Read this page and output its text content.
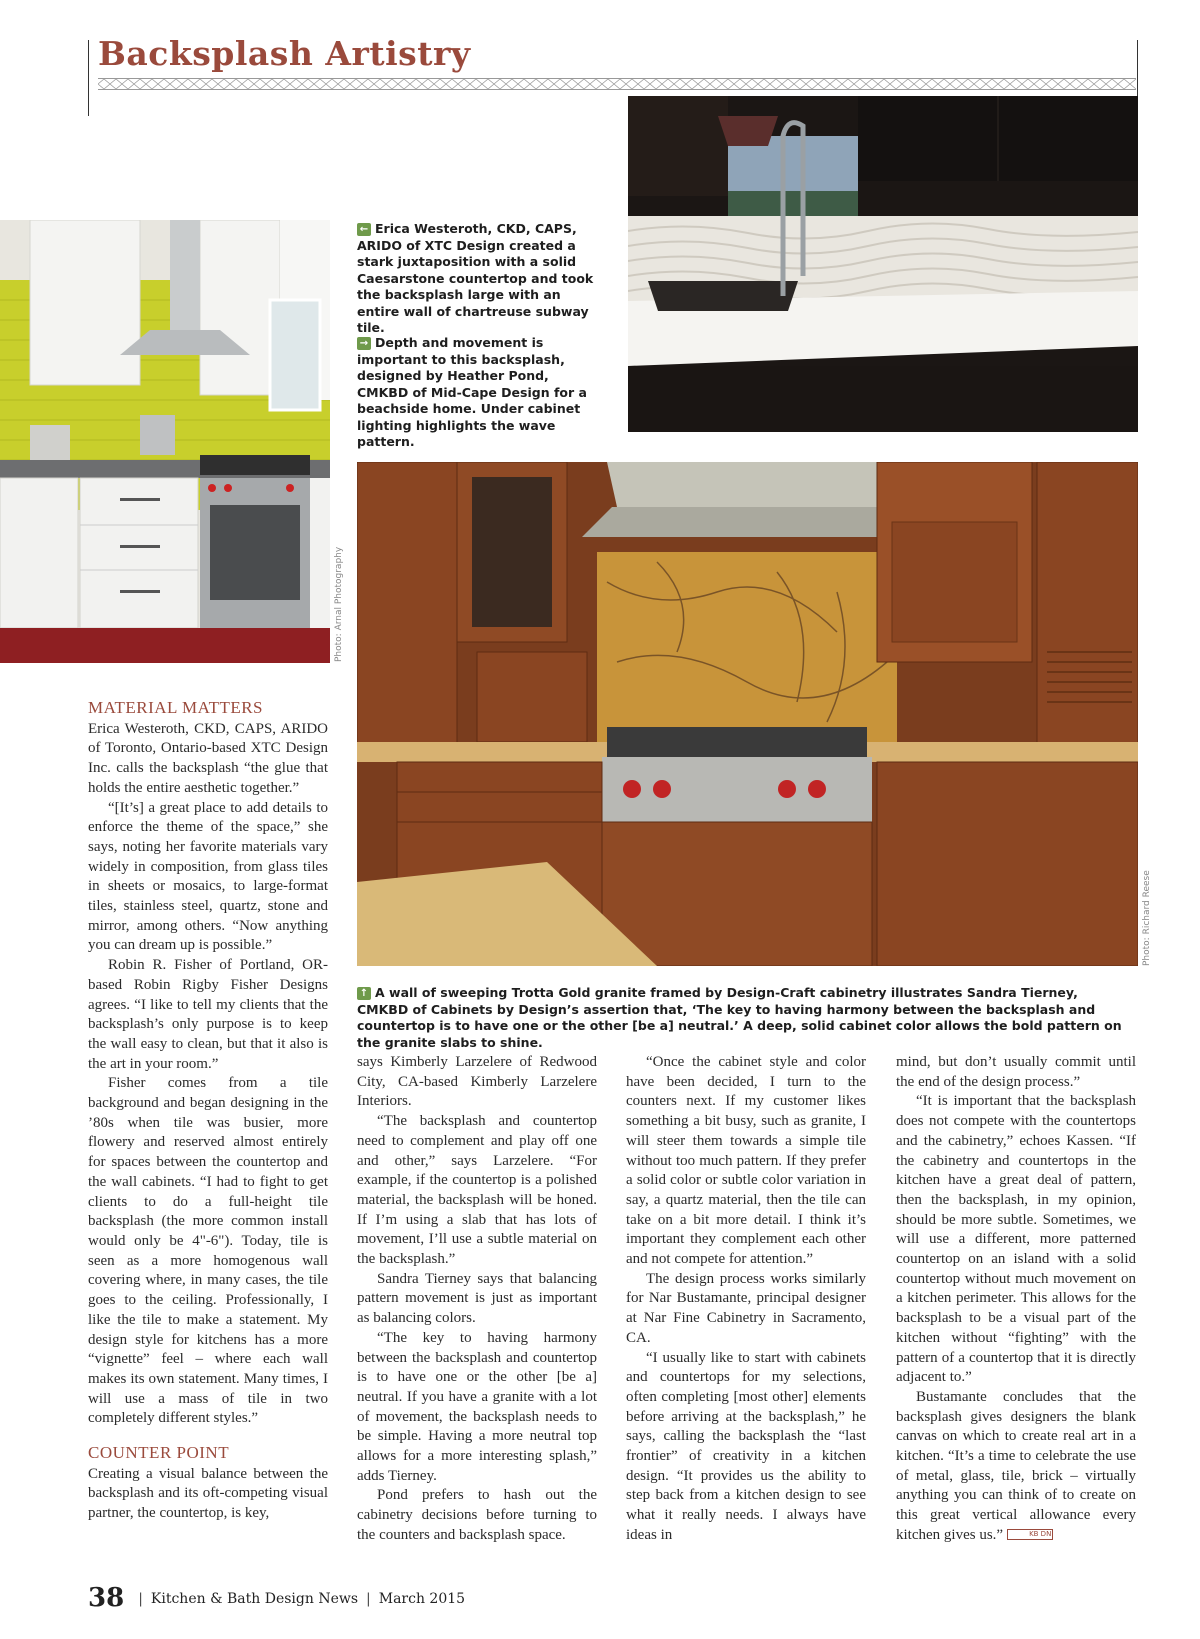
Backsplash Artistry
Photo: Arnal Photography
← Erica Westeroth, CKD, CAPS, ARIDO of XTC Design created a stark juxtaposition with a solid Caesarstone countertop and took the backsplash large with an entire wall of chartreuse subway tile.
→ Depth and movement is important to this backsplash, designed by Heather Pond, CMKBD of Mid-Cape Design for a beachside home. Under cabinet lighting highlights the wave pattern.
Photo: Richard Reese
↑ A wall of sweeping Trotta Gold granite framed by Design-Craft cabinetry illustrates Sandra Tierney, CMKBD of Cabinets by Design’s assertion that, ‘The key to having harmony between the backsplash and countertop is to have one or the other [be a] neutral.’ A deep, solid cabinet color allows the bold pattern on the granite slabs to shine.
MATERIAL MATTERS

Erica Westeroth, CKD, CAPS, ARIDO of Toronto, Ontario-based XTC Design Inc. calls the backsplash “the glue that holds the entire aesthetic together.”

“[It’s] a great place to add details to enforce the theme of the space,” she says, noting her favorite materials vary widely in composition, from glass tiles in sheets or mosaics, to large-format tiles, stainless steel, quartz, stone and mirror, among others. “Now anything you can dream up is possible.”

Robin R. Fisher of Portland, OR-based Robin Rigby Fisher Designs agrees. “I like to tell my clients that the backsplash’s only purpose is to keep the wall easy to clean, but that it also is the art in your room.”

Fisher comes from a tile background and began designing in the ’80s when tile was busier, more flowery and reserved almost entirely for spaces between the countertop and the wall cabinets. “I had to fight to get clients to do a full-height tile backsplash (the more common install would only be 4"-6"). Today, tile is seen as a more homogenous wall covering where, in many cases, the tile goes to the ceiling. Professionally, I like the tile to make a statement. My design style for kitchens has a more “vignette” feel – where each wall makes its own statement. Many times, I will use a mass of tile in two completely different styles.”

COUNTER POINT

Creating a visual balance between the backsplash and its oft-competing visual partner, the countertop, is key,

says Kimberly Larzelere of Redwood City, CA-based Kimberly Larzelere Interiors.

“The backsplash and countertop need to complement and play off one and other,” says Larzelere. “For example, if the countertop is a polished material, the backsplash will be honed. If I’m using a slab that has lots of movement, I’ll use a subtle material on the backsplash.”

Sandra Tierney says that balancing pattern movement is just as important as balancing colors.

“The key to having harmony between the backsplash and countertop is to have one or the other [be a] neutral. If you have a granite with a lot of movement, the backsplash needs to be simple. Having a more neutral top allows for a more interesting splash,” adds Tierney.

Pond prefers to hash out the cabinetry decisions before turning to the counters and backsplash space.

“Once the cabinet style and color have been decided, I turn to the counters next. If my customer likes something a bit busy, such as granite, I will steer them towards a simple tile without too much pattern. If they prefer a solid color or subtle color variation in say, a quartz material, then the tile can take on a bit more detail. I think it’s important they complement each other and not compete for attention.”

The design process works similarly for Nar Bustamante, principal designer at Nar Fine Cabinetry in Sacramento, CA.

“I usually like to start with cabinets and countertops for my selections, often completing [most other] elements before arriving at the backsplash,” he says, calling the backsplash the “last frontier” of creativity in a kitchen design. “It provides us the ability to step back from a kitchen design to see what it really needs. I always have ideas in

mind, but don’t usually commit until the end of the design process.”

“It is important that the backsplash does not compete with the countertops and the cabinetry,” echoes Kassen. “If the cabinetry and countertops in the kitchen have a great deal of pattern, then the backsplash, in my opinion, should be more subtle. Sometimes, we will use a different, more patterned countertop on an island with a solid countertop without much movement on a kitchen perimeter. This allows for the backsplash to be a visual part of the kitchen without “fighting” with the pattern of a countertop that it is directly adjacent to.”

Bustamante concludes that the backsplash gives designers the blank canvas on which to create real art in a kitchen. “It’s a time to celebrate the use of metal, glass, tile, brick – virtually anything you can think of to create on this great vertical allowance every kitchen gives us.”	KB DN

38 | Kitchen & Bath Design News | March 2015
